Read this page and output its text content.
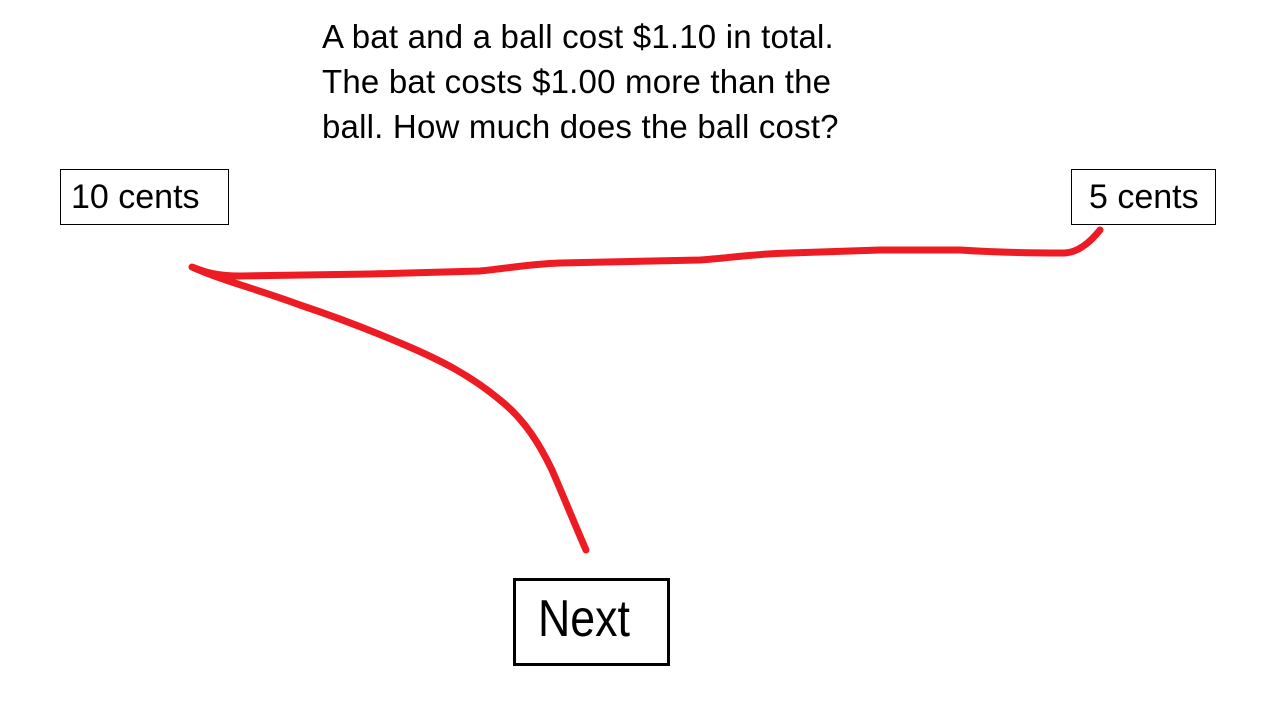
A bat and a ball cost $1.10 in total.
The bat costs $1.00 more than the
ball. How much does the ball cost?
10 cents	5 cents
Next
